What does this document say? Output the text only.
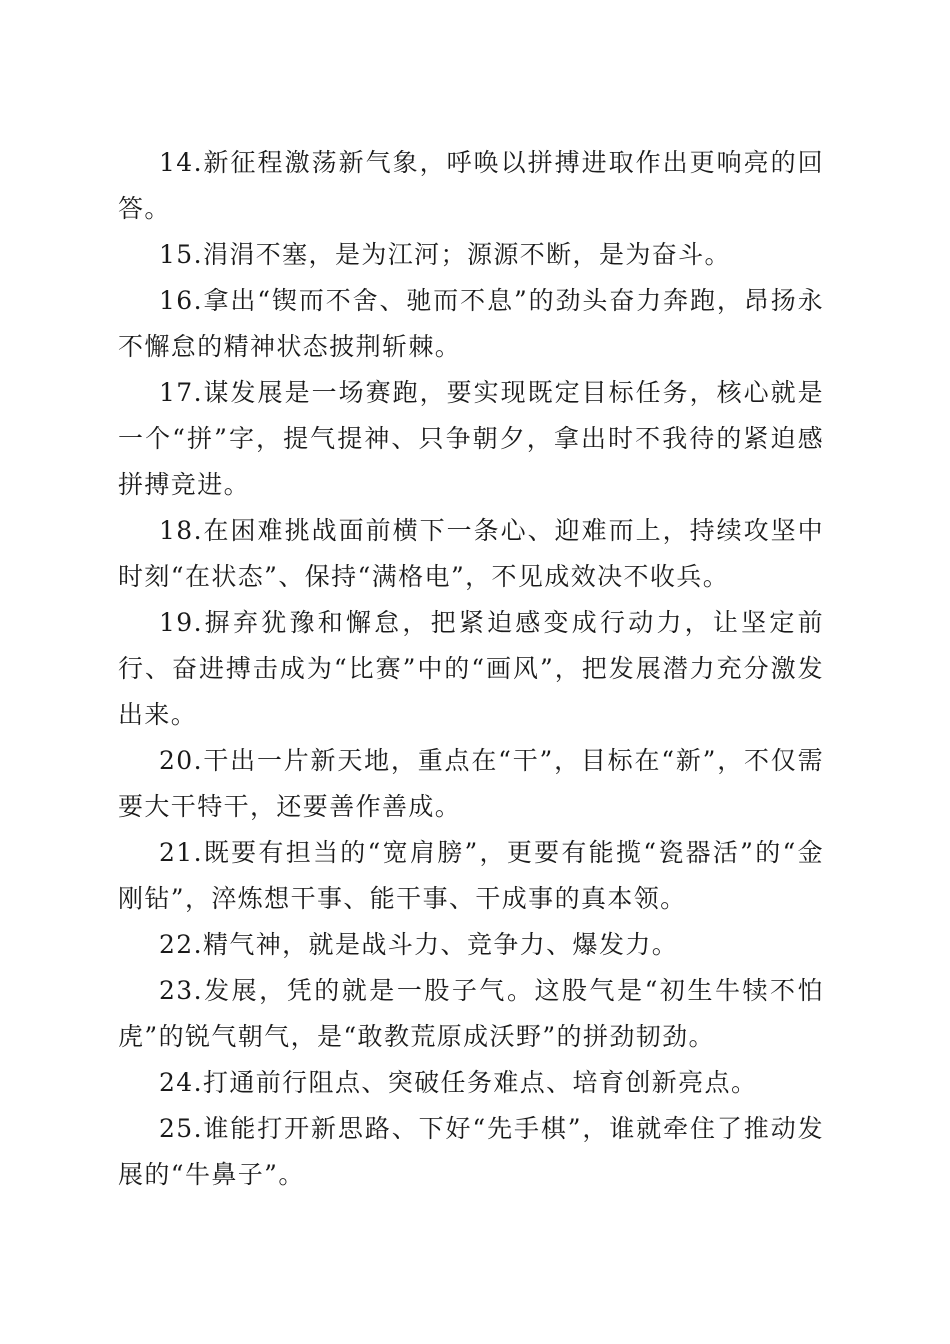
14.新征程激荡新气象，呼唤以拼搏进取作出更响亮的回答。

15.涓涓不塞，是为江河；源源不断，是为奋斗。

16.拿出“锲而不舍、驰而不息”的劲头奋力奔跑，昂扬永不懈怠的精神状态披荆斩棘。

17.谋发展是一场赛跑，要实现既定目标任务，核心就是一个“拼”字，提气提神、只争朝夕，拿出时不我待的紧迫感拼搏竞进。

18.在困难挑战面前横下一条心、迎难而上，持续攻坚中时刻“在状态”、保持“满格电”，不见成效决不收兵。

19.摒弃犹豫和懈怠，把紧迫感变成行动力，让坚定前行、奋进搏击成为“比赛”中的“画风”，把发展潜力充分激发出来。

20.干出一片新天地，重点在“干”，目标在“新”，不仅需要大干特干，还要善作善成。

21.既要有担当的“宽肩膀”，更要有能揽“瓷器活”的“金刚钻”，淬炼想干事、能干事、干成事的真本领。

22.精气神，就是战斗力、竞争力、爆发力。

23.发展，凭的就是一股子气。这股气是“初生牛犊不怕虎”的锐气朝气，是“敢教荒原成沃野”的拼劲韧劲。

24.打通前行阻点、突破任务难点、培育创新亮点。

25.谁能打开新思路、下好“先手棋”，谁就牵住了推动发展的“牛鼻子”。
